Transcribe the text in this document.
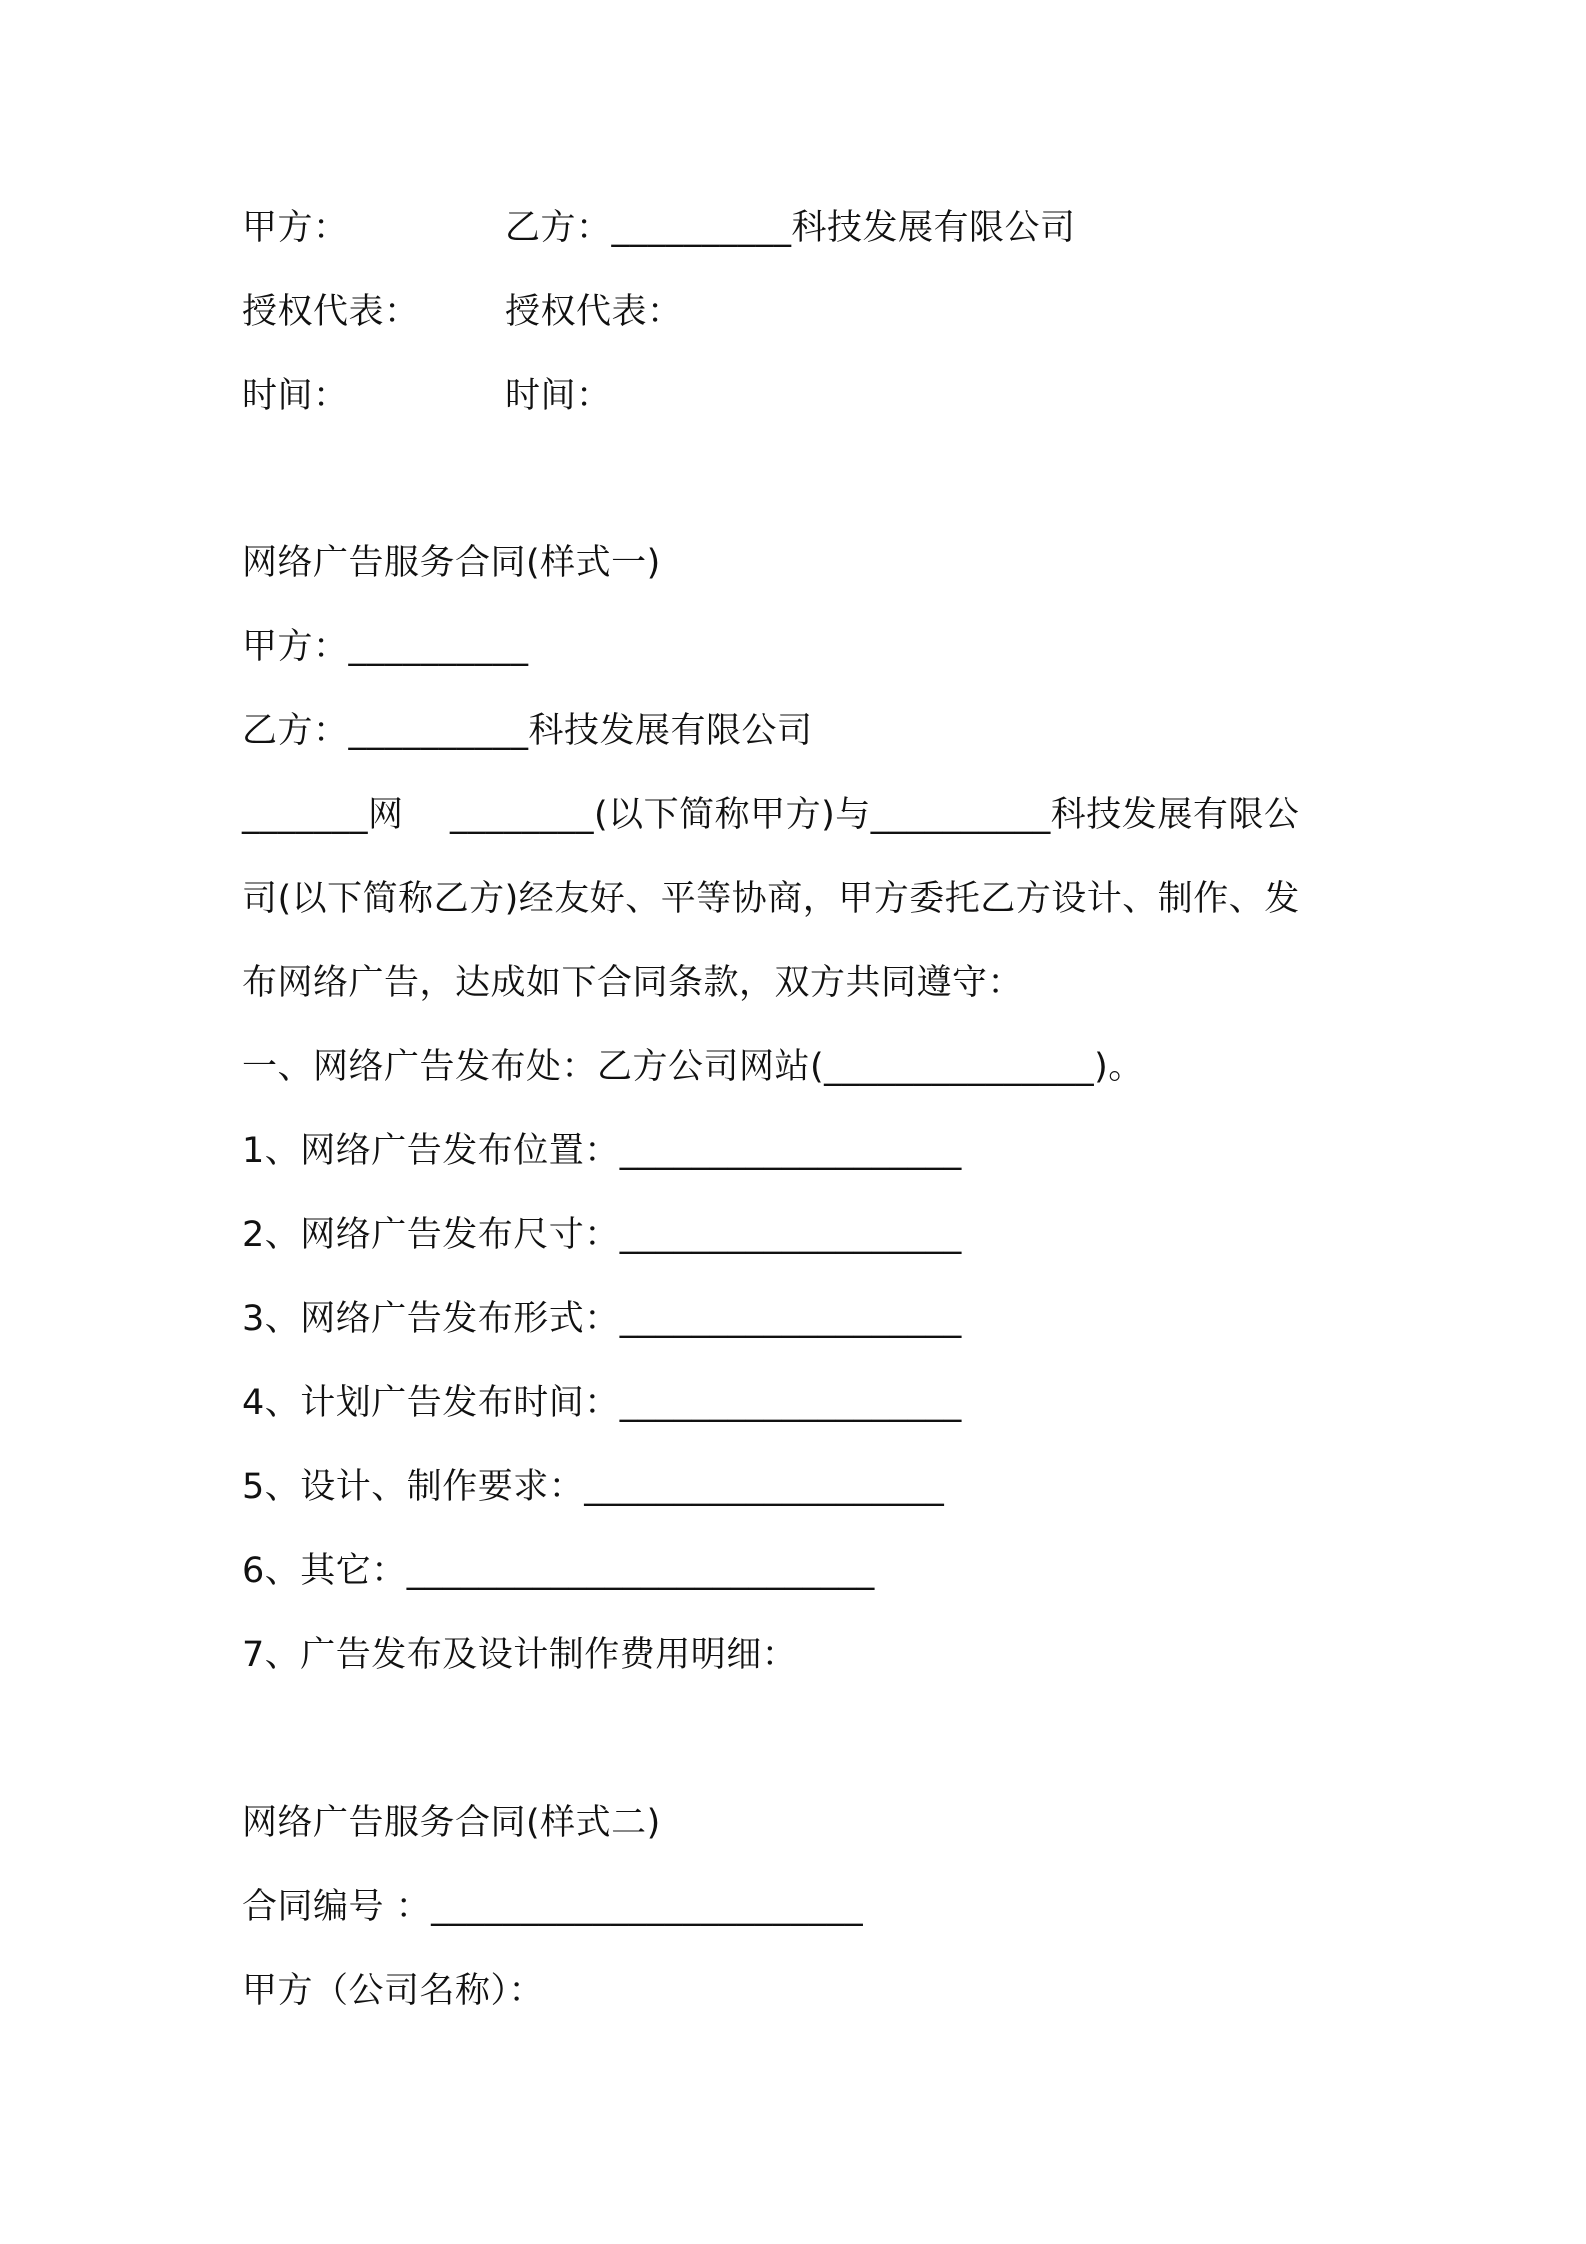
甲方：	乙方：__________科技发展有限公司
授权代表： 授权代表：
时间：	时间：
网络广告服务合同(样式一)
甲方：__________
乙方：__________科技发展有限公司
_______网    ________(以下简称甲方)与__________科技发展有限公
司(以下简称乙方)经友好、平等协商，甲方委托乙方设计、制作、发
布网络广告，达成如下合同条款，双方共同遵守：
一、网络广告发布处：乙方公司网站(_______________)。
1、网络广告发布位置：___________________
2、网络广告发布尺寸：___________________
3、网络广告发布形式：___________________
4、计划广告发布时间：___________________
5、设计、制作要求：____________________
6、其它：__________________________
7、广告发布及设计制作费用明细：
网络广告服务合同(样式二)
合同编号 ：________________________
甲方（公司名称）：
